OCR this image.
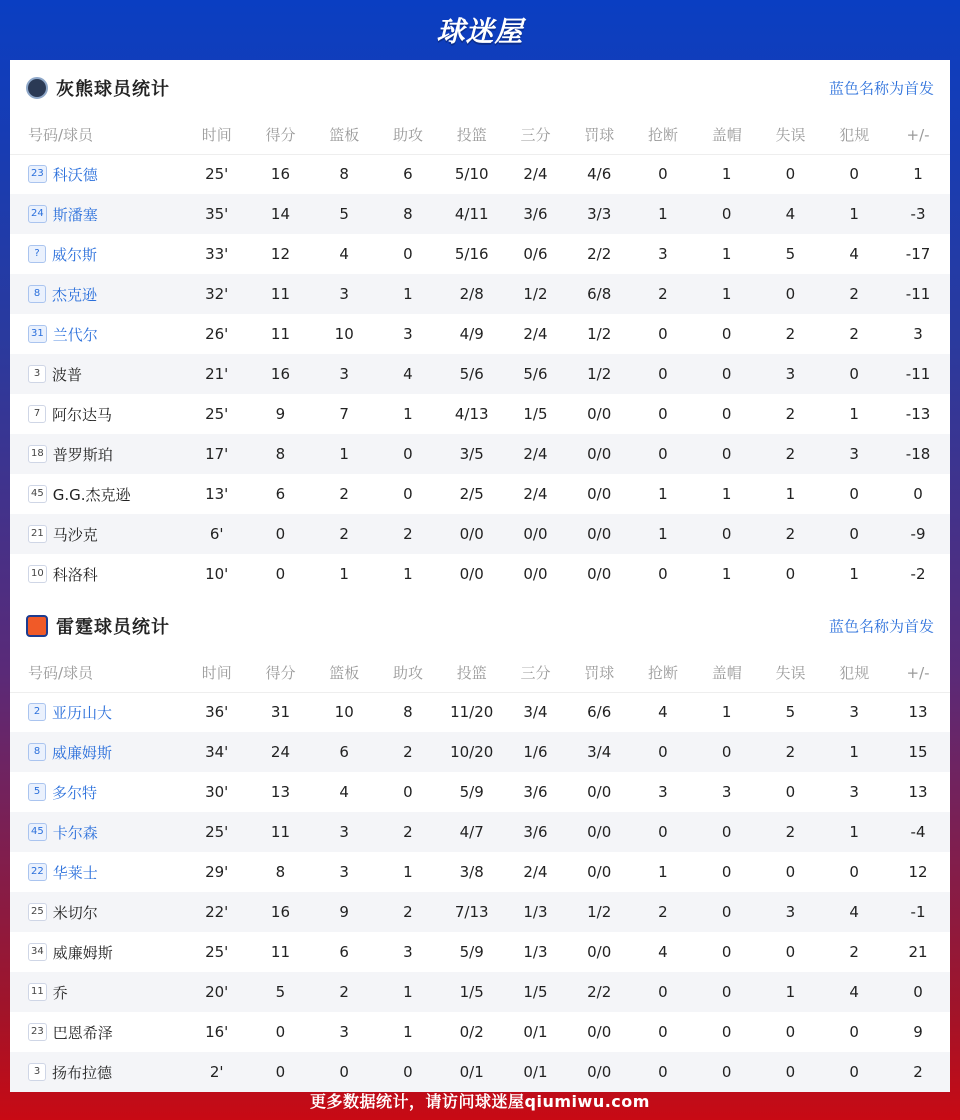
球迷屋
灰熊球员统计	蓝色名称为首发
号码/球员	时间	得分	篮板	助攻	投篮	三分	罚球	抢断	盖帽	失误	犯规	+/-
23 科沃德	25'	16	8	6	5/10	2/4	4/6	0	1	0	0	1
24 斯潘塞	35'	14	5	8	4/11	3/6	3/3	1	0	4	1	-3
? 威尔斯	33'	12	4	0	5/16	0/6	2/2	3	1	5	4	-17
8 杰克逊	32'	11	3	1	2/8	1/2	6/8	2	1	0	2	-11
31 兰代尔	26'	11	10	3	4/9	2/4	1/2	0	0	2	2	3
3 波普	21'	16	3	4	5/6	5/6	1/2	0	0	3	0	-11
7 阿尔达马	25'	9	7	1	4/13	1/5	0/0	0	0	2	1	-13
18 普罗斯珀	17'	8	1	0	3/5	2/4	0/0	0	0	2	3	-18
45 G.G.杰克逊	13'	6	2	0	2/5	2/4	0/0	1	1	1	0	0
21 马沙克	6'	0	2	2	0/0	0/0	0/0	1	0	2	0	-9
10 科洛科	10'	0	1	1	0/0	0/0	0/0	0	1	0	1	-2
雷霆球员统计	蓝色名称为首发
号码/球员	时间	得分	篮板	助攻	投篮	三分	罚球	抢断	盖帽	失误	犯规	+/-
2 亚历山大	36'	31	10	8	11/20	3/4	6/6	4	1	5	3	13
8 威廉姆斯	34'	24	6	2	10/20	1/6	3/4	0	0	2	1	15
5 多尔特	30'	13	4	0	5/9	3/6	0/0	3	3	0	3	13
45 卡尔森	25'	11	3	2	4/7	3/6	0/0	0	0	2	1	-4
22 华莱士	29'	8	3	1	3/8	2/4	0/0	1	0	0	0	12
25 米切尔	22'	16	9	2	7/13	1/3	1/2	2	0	3	4	-1
34 威廉姆斯	25'	11	6	3	5/9	1/3	0/0	4	0	0	2	21
11 乔	20'	5	2	1	1/5	1/5	2/2	0	0	1	4	0
23 巴恩希泽	16'	0	3	1	0/2	0/1	0/0	0	0	0	0	9
3 扬布拉德	2'	0	0	0	0/1	0/1	0/0	0	0	0	0	2
更多数据统计，请访问球迷屋qiumiwu.com
